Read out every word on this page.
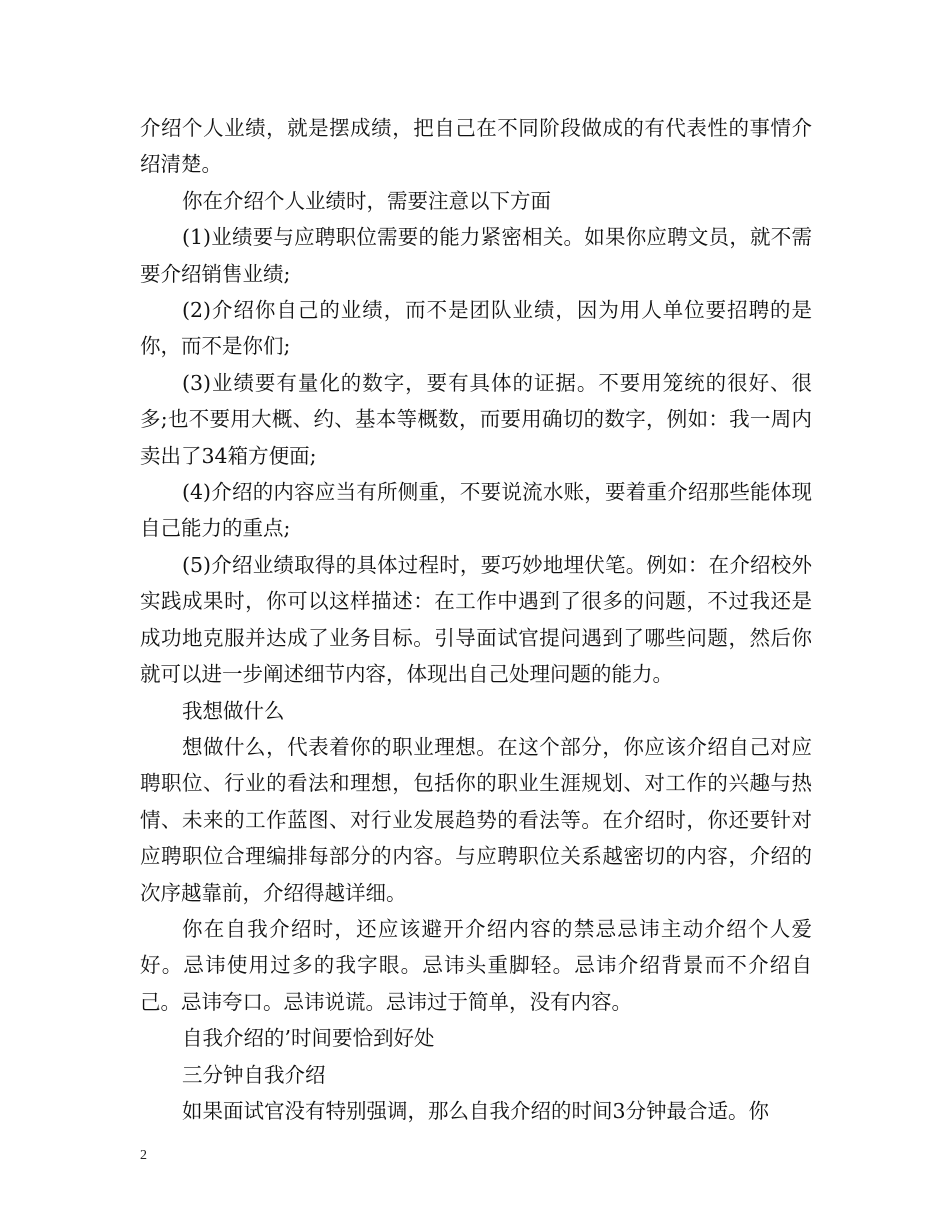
介绍个人业绩，就是摆成绩，把自己在不同阶段做成的有代表性的事情介绍清楚。

你在介绍个人业绩时，需要注意以下方面

(1)业绩要与应聘职位需要的能力紧密相关。如果你应聘文员，就不需要介绍销售业绩;

(2)介绍你自己的业绩，而不是团队业绩，因为用人单位要招聘的是你，而不是你们;

(3)业绩要有量化的数字，要有具体的证据。不要用笼统的很好、很多;也不要用大概、约、基本等概数，而要用确切的数字，例如：我一周内卖出了34箱方便面;

(4)介绍的内容应当有所侧重，不要说流水账，要着重介绍那些能体现自己能力的重点;

(5)介绍业绩取得的具体过程时，要巧妙地埋伏笔。例如：在介绍校外实践成果时，你可以这样描述：在工作中遇到了很多的问题，不过我还是成功地克服并达成了业务目标。引导面试官提问遇到了哪些问题，然后你就可以进一步阐述细节内容，体现出自己处理问题的能力。

我想做什么

想做什么，代表着你的职业理想。在这个部分，你应该介绍自己对应聘职位、行业的看法和理想，包括你的职业生涯规划、对工作的兴趣与热情、未来的工作蓝图、对行业发展趋势的看法等。在介绍时，你还要针对应聘职位合理编排每部分的内容。与应聘职位关系越密切的内容，介绍的次序越靠前，介绍得越详细。

你在自我介绍时，还应该避开介绍内容的禁忌忌讳主动介绍个人爱好。忌讳使用过多的我字眼。忌讳头重脚轻。忌讳介绍背景而不介绍自己。忌讳夸口。忌讳说谎。忌讳过于简单，没有内容。

自我介绍的’时间要恰到好处

三分钟自我介绍

如果面试官没有特别强调，那么自我介绍的时间3分钟最合适。你

2
